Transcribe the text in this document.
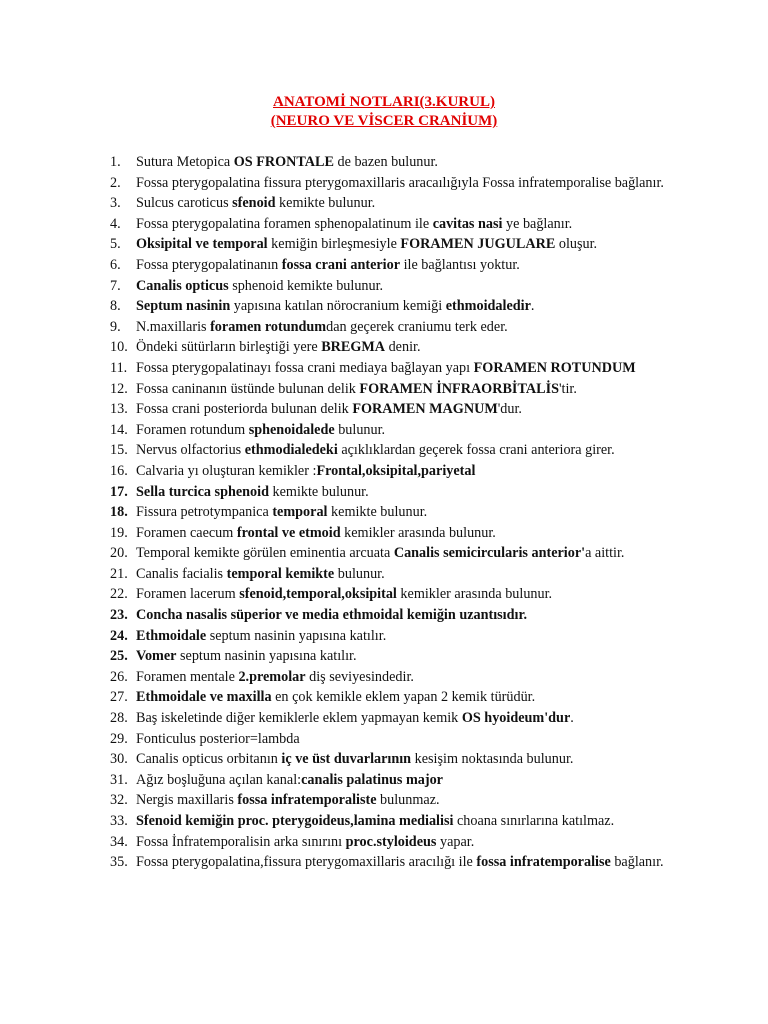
ANATOMİ NOTLARI(3.KURUL)
(NEURO VE VİSCER CRANİUM)
1. Sutura Metopica OS FRONTALE de bazen bulunur.
2. Fossa pterygopalatina fissura pterygomaxillaris aracaılığıyla Fossa infratemporalise bağlanır.
3. Sulcus caroticus sfenoid kemikte bulunur.
4. Fossa pterygopalatina foramen sphenopalatinum ile cavitas nasi ye bağlanır.
5. Oksipital ve temporal kemiğin birleşmesiyle FORAMEN JUGULARE oluşur.
6. Fossa pterygopalatinanın fossa crani anterior ile bağlantısı yoktur.
7. Canalis opticus sphenoid kemikte bulunur.
8. Septum nasinin yapısına katılan nörocranium kemiği ethmoidaledir.
9. N.maxillaris foramen rotundumdan geçerek craniumu terk eder.
10. Öndeki sütürların birleştiği yere BREGMA denir.
11. Fossa pterygopalatinayı fossa crani mediaya bağlayan yapı FORAMEN ROTUNDUM
12. Fossa caninanın üstünde bulunan delik FORAMEN İNFRAORBİTALİS'tir.
13. Fossa crani posteriorda bulunan delik FORAMEN MAGNUM'dur.
14. Foramen rotundum sphenoidalede bulunur.
15. Nervus olfactorius ethmodialedeki açıklıklardan geçerek fossa crani anteriora girer.
16. Calvaria yı oluşturan kemikler :Frontal,oksipital,pariyetal
17. Sella turcica sphenoid kemikte bulunur.
18. Fissura petrotympanica temporal kemikte bulunur.
19. Foramen caecum frontal ve etmoid kemikler arasında bulunur.
20. Temporal kemikte görülen eminentia arcuata Canalis semicircularis anterior'a aittir.
21. Canalis facialis temporal kemikte bulunur.
22. Foramen lacerum sfenoid,temporal,oksipital kemikler arasında bulunur.
23. Concha nasalis süperior ve media ethmoidal kemiğin uzantısıdır.
24. Ethmoidale septum nasinin yapısına katılır.
25. Vomer septum nasinin yapısına katılır.
26. Foramen mentale 2.premolar diş seviyesindedir.
27. Ethmoidale ve maxilla en çok kemikle eklem yapan 2 kemik türüdür.
28. Baş iskeletinde diğer kemiklerle eklem yapmayan kemik OS hyoideum'dur.
29. Fonticulus posterior=lambda
30. Canalis opticus orbitanın iç ve üst duvarlarının kesişim noktasında bulunur.
31. Ağız boşluğuna açılan kanal:canalis palatinus major
32. Nergis maxillaris fossa infratemporaliste bulunmaz.
33. Sfenoid kemiğin proc. pterygoideus,lamina medialisi choana sınırlarına katılmaz.
34. Fossa İnfratemporalisin arka sınırını proc.styloideus yapar.
35. Fossa pterygopalatina,fissura pterygomaxillaris aracılığı ile fossa infratemporalise bağlanır.
